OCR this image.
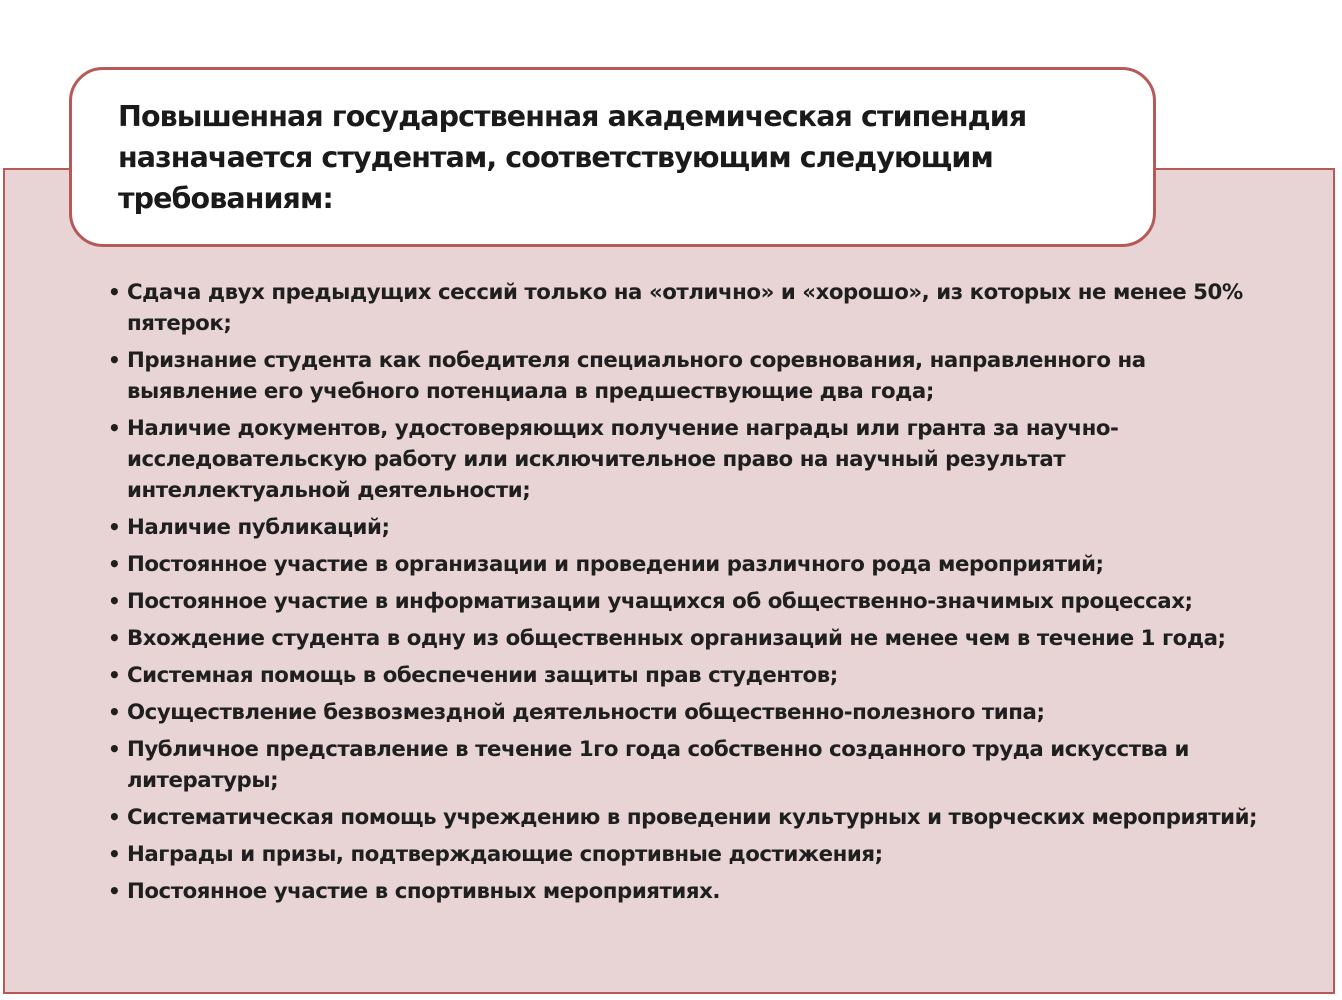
Повышенная государственная академическая стипендия назначается студентам, соответствующим следующим требованиям:
• Сдача двух предыдущих сессий только на «отлично» и «хорошо», из которых не менее 50% пятерок;
• Признание студента как победителя специального соревнования, направленного на выявление его учебного потенциала в предшествующие два года;
• Наличие документов, удостоверяющих получение награды или гранта за научно-исследовательскую работу или исключительное право на научный результат интеллектуальной деятельности;
• Наличие публикаций;
• Постоянное участие в организации и проведении различного рода мероприятий;
• Постоянное участие в информатизации учащихся об общественно-значимых процессах;
• Вхождение студента в одну из общественных организаций не менее чем в течение 1 года;
• Системная помощь в обеспечении защиты прав студентов;
• Осуществление безвозмездной деятельности общественно-полезного типа;
• Публичное представление в течение 1го года собственно созданного труда искусства и литературы;
• Систематическая помощь учреждению в проведении культурных и творческих мероприятий;
• Награды и призы, подтверждающие спортивные достижения;
• Постоянное участие в спортивных мероприятиях.
